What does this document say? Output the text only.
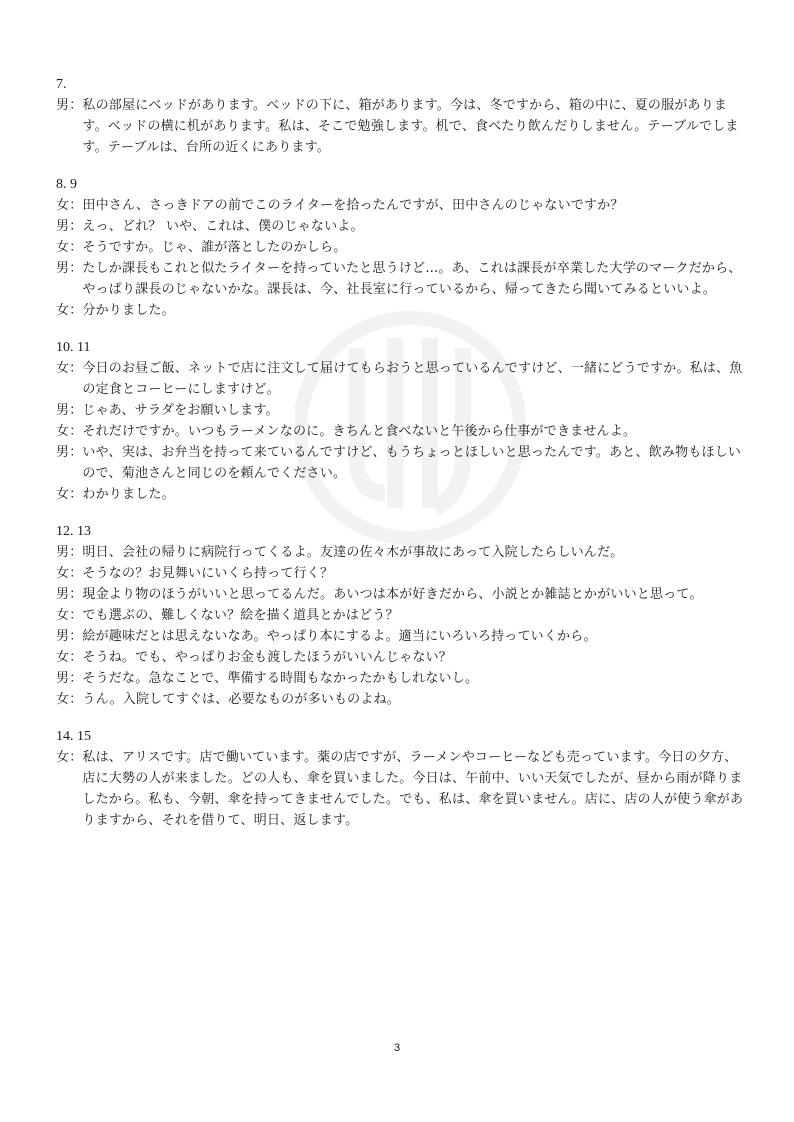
7.
男： 私の部屋にベッドがあります。ベッドの下に、箱があります。今は、冬ですから、箱の中に、夏の服があります。ベッドの横に机があります。私は、そこで勉強します。机で、食べたり飲んだりしません。テーブルでします。テーブルは、台所の近くにあります。
8. 9
女： 田中さん、さっきドアの前でこのライターを拾ったんですが、田中さんのじゃないですか？
男： えっ、どれ？ いや、これは、僕のじゃないよ。
女： そうですか。じゃ、誰が落としたのかしら。
男： たしか課長もこれと似たライターを持っていたと思うけど…。あ、これは課長が卒業した大学のマークだから、やっぱり課長のじゃないかな。課長は、今、社長室に行っているから、帰ってきたら聞いてみるといいよ。
女： 分かりました。
10. 11
女： 今日のお昼ご飯、ネットで店に注文して届けてもらおうと思っているんですけど、一緒にどうですか。私は、魚の定食とコーヒーにしますけど。
男： じゃあ、サラダをお願いします。
女： それだけですか。いつもラーメンなのに。きちんと食べないと午後から仕事ができませんよ。
男： いや、実は、お弁当を持って来ているんですけど、もうちょっとほしいと思ったんです。あと、飲み物もほしいので、菊池さんと同じのを頼んでください。
女： わかりました。
12. 13
男： 明日、会社の帰りに病院行ってくるよ。友達の佐々木が事故にあって入院したらしいんだ。
女： そうなの？お見舞いにいくら持って行く？
男： 現金より物のほうがいいと思ってるんだ。あいつは本が好きだから、小説とか雑誌とかがいいと思って。
女： でも選ぶの、難しくない？絵を描く道具とかはどう？
男： 絵が趣味だとは思えないなあ。やっぱり本にするよ。適当にいろいろ持っていくから。
女： そうね。でも、やっぱりお金も渡したほうがいいんじゃない？
男： そうだな。急なことで、準備する時間もなかったかもしれないし。
女： うん。入院してすぐは、必要なものが多いものよね。
14. 15
女： 私は、アリスです。店で働いています。薬の店ですが、ラーメンやコーヒーなども売っています。今日の夕方、店に大勢の人が来ました。どの人も、傘を買いました。今日は、午前中、いい天気でしたが、昼から雨が降りましたから。私も、今朝、傘を持ってきませんでした。でも、私は、傘を買いません。店に、店の人が使う傘がありますから、それを借りて、明日、返します。
3
